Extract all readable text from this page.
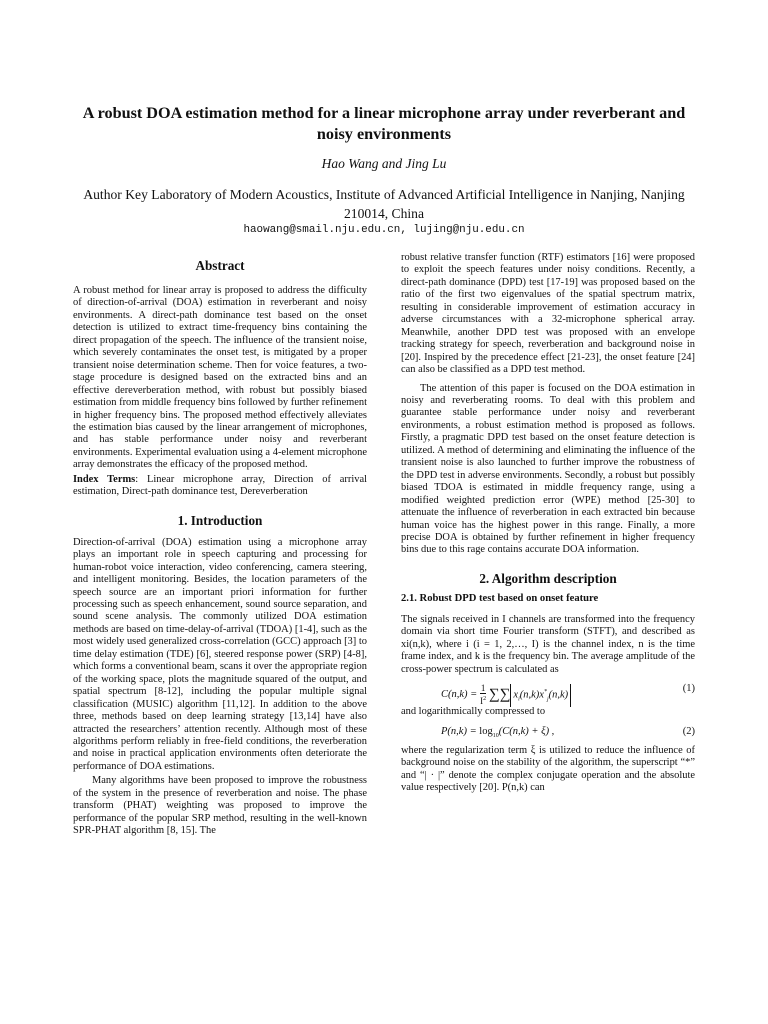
A robust DOA estimation method for a linear microphone array under reverberant and noisy environments
Hao Wang and Jing Lu
Author Key Laboratory of Modern Acoustics, Institute of Advanced Artificial Intelligence in Nanjing, Nanjing 210014, China
haowang@smail.nju.edu.cn, lujing@nju.edu.cn
Abstract

A robust method for linear array is proposed to address the difficulty of direction-of-arrival (DOA) estimation in reverberant and noisy environments. A direct-path dominance test based on the onset detection is utilized to extract time-frequency bins containing the direct propagation of the speech. The influence of the transient noise, which severely contaminates the onset test, is mitigated by a proper transient noise determination scheme. Then for voice features, a two-stage procedure is designed based on the extracted bins and an effective dereverberation method, with robust but possibly biased estimation from middle frequency bins followed by further refinement in higher frequency bins. The proposed method effectively alleviates the estimation bias caused by the linear arrangement of microphones, and has stable performance under noisy and reverberant environments. Experimental evaluation using a 4-element microphone array demonstrates the efficacy of the proposed method.

Index Terms: Linear microphone array, Direction of arrival estimation, Direct-path dominance test, Dereverberation

1. Introduction

Direction-of-arrival (DOA) estimation using a microphone array plays an important role in speech capturing and processing for human-robot voice interaction, video conferencing, camera steering, and intelligent monitoring. Besides, the location parameters of the speech source are an important priori information for further processing such as speech enhancement, sound source separation, and sound scene analysis. The commonly utilized DOA estimation methods are based on time-delay-of-arrival (TDOA) [1-4], such as the most widely used generalized cross-correlation (GCC) approach [3] to time delay estimation (TDE) [6], steered response power (SRP) [4-8], which forms a conventional beam, scans it over the appropriate region of the working space, plots the magnitude squared of the output, and spatial spectrum [8-12], including the popular multiple signal classification (MUSIC) algorithm [11,12]. In addition to the above three, methods based on deep learning strategy [13,14] have also attracted the researchers’ attention recently. Although most of these algorithms perform reliably in free-field conditions, the reverberation and noise in practical application environments often deteriorate the performance of DOA estimations.

Many algorithms have been proposed to improve the robustness of the system in the presence of reverberation and noise. The phase transform (PHAT) weighting was proposed to improve the performance of the popular SRP method, resulting in the well-known SPR-PHAT algorithm [8, 15]. The

robust relative transfer function (RTF) estimators [16] were proposed to exploit the speech features under noisy conditions. Recently, a direct-path dominance (DPD) test [17-19] was proposed based on the ratio of the first two eigenvalues of the spatial spectrum matrix, resulting in considerable improvement of estimation accuracy in adverse circumstances with a 32-microphone spherical array. Meanwhile, another DPD test was proposed with an envelope tracking strategy for speech, reverberation and background noise in [20]. Inspired by the precedence effect [21-23], the onset feature [24] can also be classified as a DPD test method.

The attention of this paper is focused on the DOA estimation in noisy and reverberating rooms. To deal with this problem and guarantee stable performance under noisy and reverberant environments, a robust estimation method is proposed as follows. Firstly, a pragmatic DPD test based on the onset feature detection is utilized. A method of determining and eliminating the influence of the transient noise is also launched to further improve the robustness of the DPD test in adverse environments. Secondly, a robust but possibly biased TDOA is estimated in middle frequency range, using a modified weighted prediction error (WPE) method [25-30] to attenuate the influence of reverberation in each extracted bin because human voice has the highest power in this range. Finally, a more precise DOA is obtained by further refinement in higher frequency bins due to this rage contains accurate DOA information.

2. Algorithm description
2.1. Robust DPD test based on onset feature

The signals received in I channels are transformed into the frequency domain via short time Fourier transform (STFT), and described as xi(n,k), where i (i = 1, 2,…, I) is the channel index, n is the time frame index, and k is the frequency bin. The average amplitude of the cross-power spectrum is calculated as

$C(n,k) = \frac{1}{I^2}$ ∑∑ $x_i(n,k)x^*_j(n,k)$
(1)

and logarithmically compressed to

$P(n,k) = \log_{10}(C(n,k) + \xi)$ ,	(2)

where the regularization term ξ is utilized to reduce the influence of background noise on the stability of the algorithm, the superscript “*” and “| · |” denote the complex conjugate operation and the absolute value respectively [20]. P(n,k) can
